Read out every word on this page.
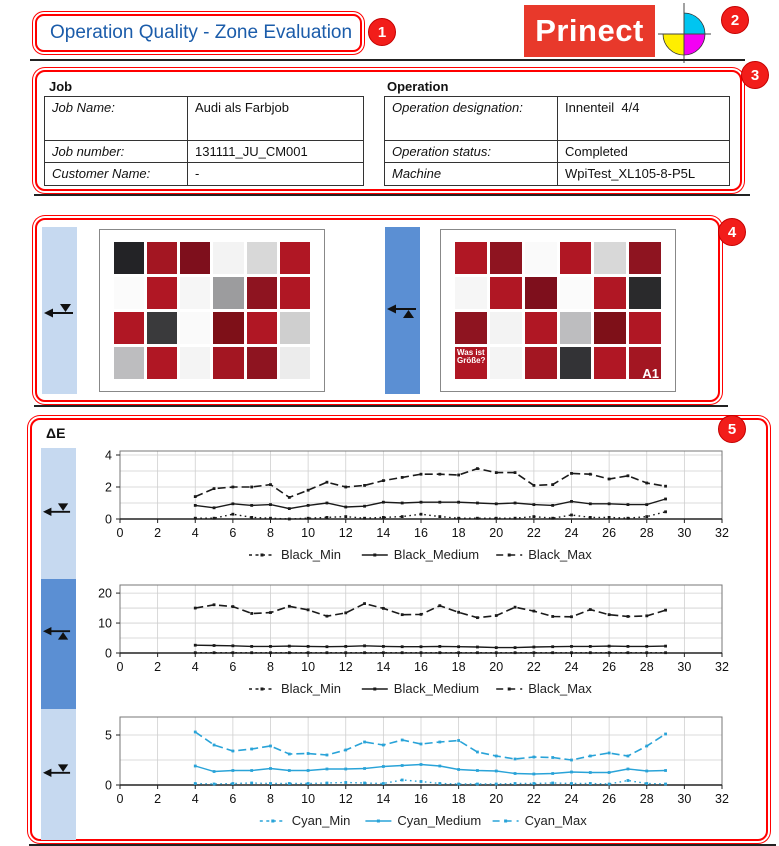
Operation Quality - Zone Evaluation 1	Prinect	2
Job	Operation
Job Name:	Audi als Farbjob
Job number:	131111_JU_CM001
Customer Name:	-
Operation designation:	Innenteil  4/4
Operation status:	Completed
Machine	WpiTest_XL105-8-P5L
3
Was ist Größe?
A1
4
ΔE
0
2
4
0 2 4 6 8 10 12 14 16 18 20 22 24 26 28 30 32
Black_Min	Black_Medium	Black_Max
0
10
20
0 2 4 6 8 10 12 14 16 18 20 22 24 26 28 30 32
Black_Min	Black_Medium	Black_Max
0
5
0 2 4 6 8 10 12 14 16 18 20 22 24 26 28 30 32
Cyan_Min	Cyan_Medium	Cyan_Max
5
